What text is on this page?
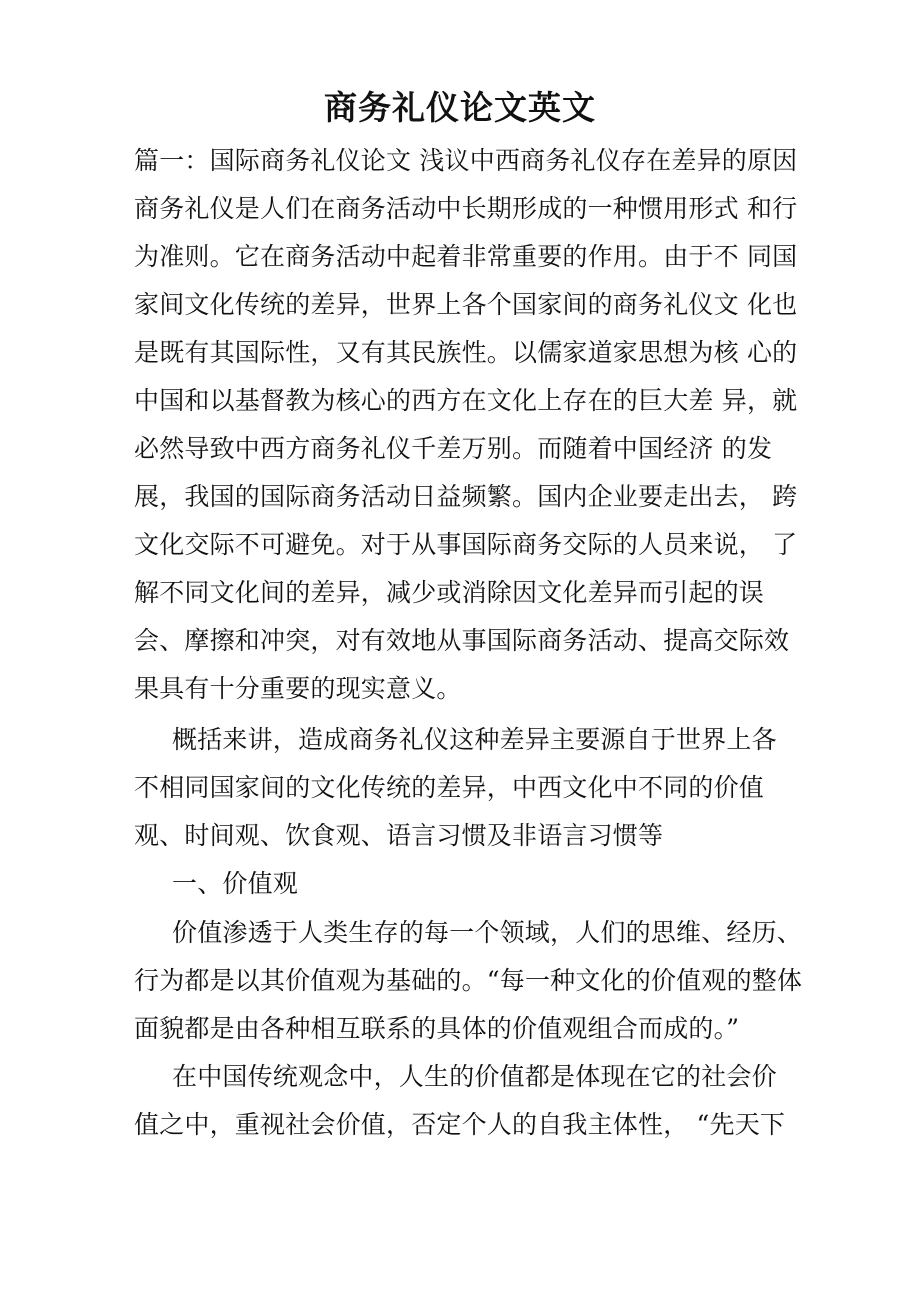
商务礼仪论文英文
篇一：国际商务礼仪论文 浅议中西商务礼仪存在差异的原因
商务礼仪是人们在商务活动中长期形成的一种惯用形式 和行
为准则。它在商务活动中起着非常重要的作用。由于不 同国
家间文化传统的差异，世界上各个国家间的商务礼仪文 化也
是既有其国际性，又有其民族性。以儒家道家思想为核 心的
中国和以基督教为核心的西方在文化上存在的巨大差 异，就
必然导致中西方商务礼仪千差万别。而随着中国经济 的发
展，我国的国际商务活动日益频繁。国内企业要走出去， 跨
文化交际不可避免。对于从事国际商务交际的人员来说， 了
解不同文化间的差异，减少或消除因文化差异而引起的误
会、摩擦和冲突，对有效地从事国际商务活动、提高交际效
果具有十分重要的现实意义。
概括来讲，造成商务礼仪这种差异主要源自于世界上各
不相同国家间的文化传统的差异，中西文化中不同的价值
观、时间观、饮食观、语言习惯及非语言习惯等
一、价值观
价值渗透于人类生存的每一个领域，人们的思维、经历、
行为都是以其价值观为基础的。“每一种文化的价值观的整体
面貌都是由各种相互联系的具体的价值观组合而成的。”
在中国传统观念中，人生的价值都是体现在它的社会价
值之中，重视社会价值，否定个人的自我主体性， “先天下
